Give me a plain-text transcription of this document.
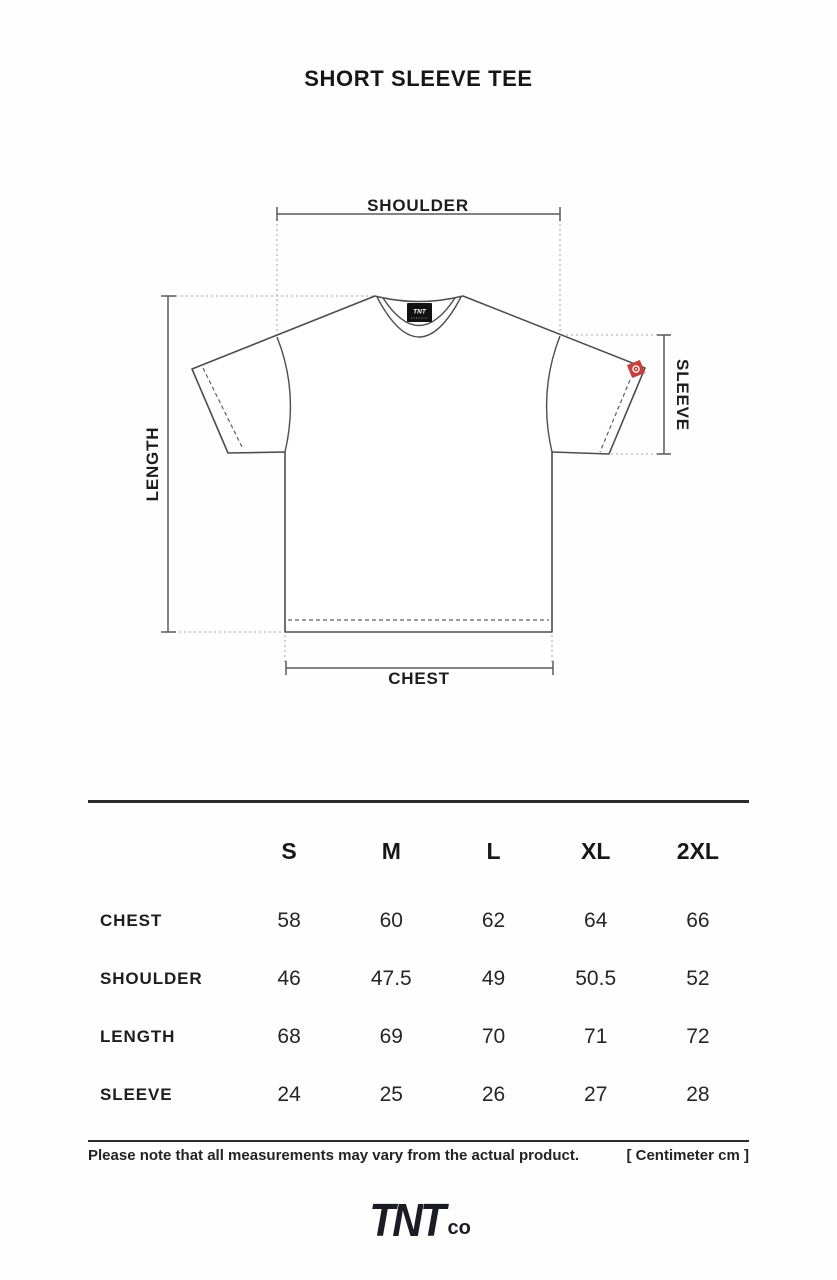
SHORT SLEEVE TEE
TNT
SHOULDER
LENGTH
SLEEVE
CHEST
S	M	L	XL	2XL
CHEST	58	60	62	64	66
SHOULDER	46	47.5	49	50.5	52
LENGTH	68	69	70	71	72
SLEEVE	24	25	26	27	28
Please note that all measurements may vary from the actual product.	[ Centimeter cm ]
TNT co
